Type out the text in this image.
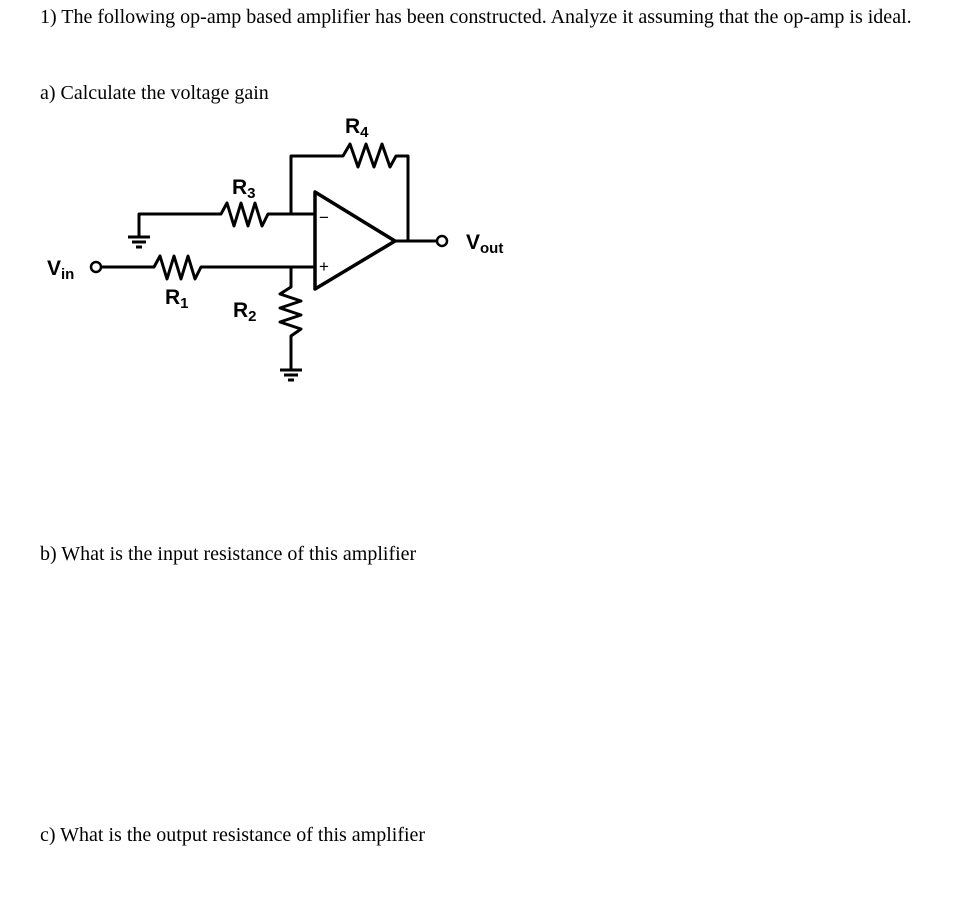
1) The following op-amp based amplifier has been constructed. Analyze it assuming that the op-amp is ideal.

a) Calculate the voltage gain

b) What is the input resistance of this amplifier

c) What is the output resistance of this amplifier

−
+
R4
R3
R1 R2
Vin
Vout
